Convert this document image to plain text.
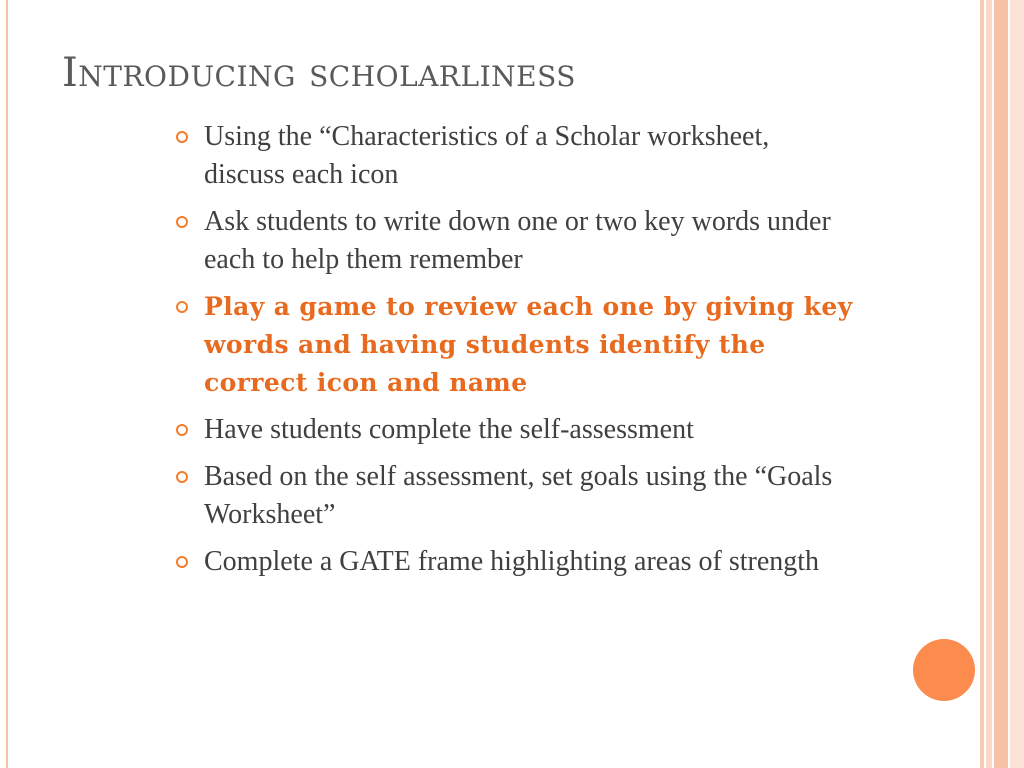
Introducing scholarliness
Using the “Characteristics of a Scholar worksheet, discuss each icon
Ask students to write down one or two key words under each to help them remember
Play a game to review each one by giving key words and having students identify the correct icon and name
Have students complete the self-assessment
Based on the self assessment, set goals using the “Goals Worksheet”
Complete a GATE frame highlighting areas of strength
